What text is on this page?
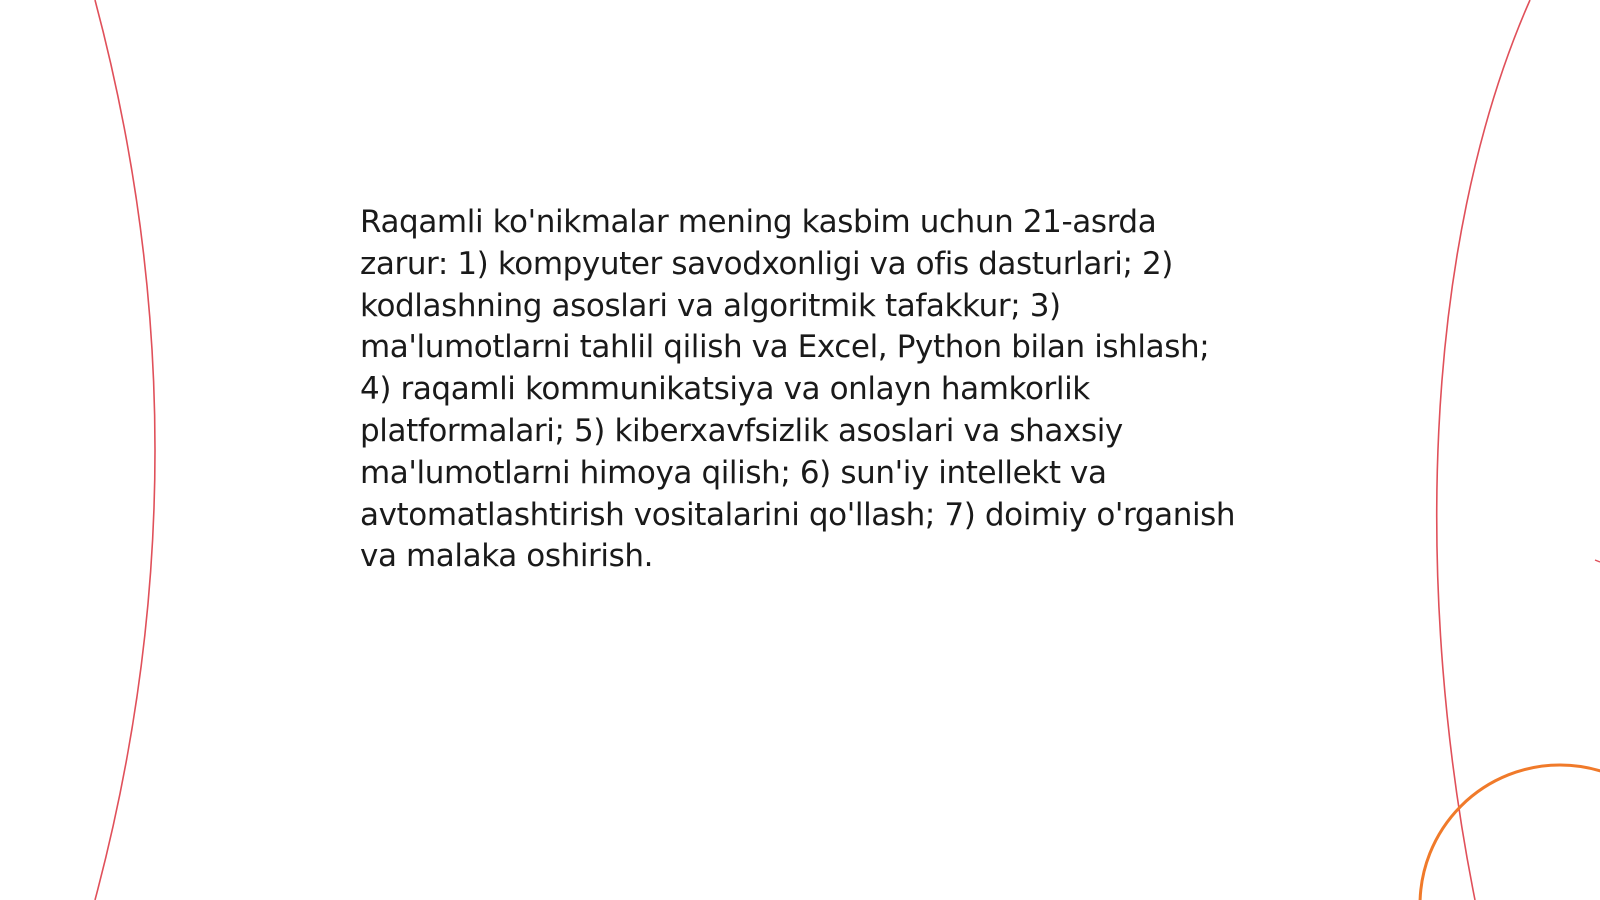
Raqamli ko'nikmalar mening kasbim uchun 21-asrda zarur: 1) kompyuter savodxonligi va ofis dasturlari; 2) kodlashning asoslari va algoritmik tafakkur; 3) ma'lumotlarni tahlil qilish va Excel, Python bilan ishlash; 4) raqamli kommunikatsiya va onlayn hamkorlik platformalari; 5) kiberxavfsizlik asoslari va shaxsiy ma'lumotlarni himoya qilish; 6) sun'iy intellekt va avtomatlashtirish vositalarini qo'llash; 7) doimiy o'rganish va malaka oshirish.
